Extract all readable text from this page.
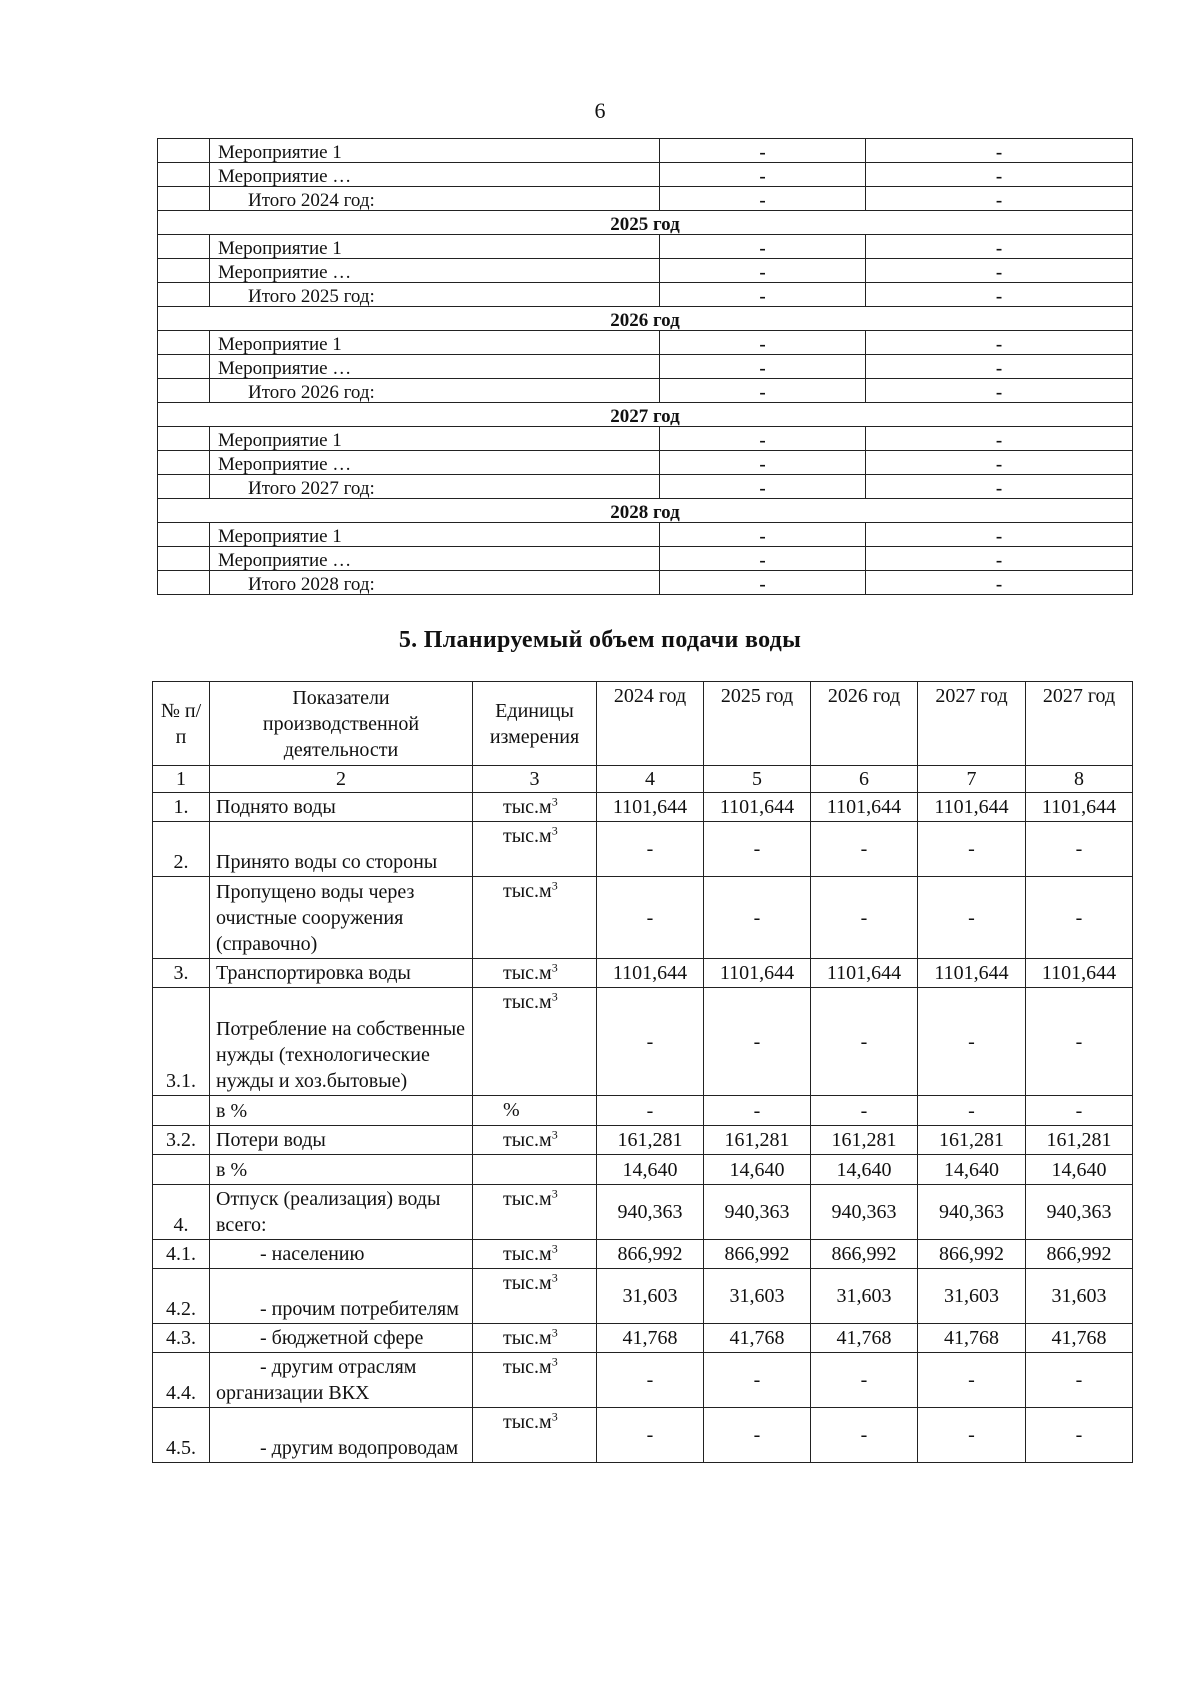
6
	Мероприятие 1	-	-
	Мероприятие …	-	-
	Итого 2024 год:	-	-
2025 год			
	Мероприятие 1	-	-
	Мероприятие …	-	-
	Итого 2025 год:	-	-
2026 год			
	Мероприятие 1	-	-
	Мероприятие …	-	-
	Итого 2026 год:	-	-
2027 год			
	Мероприятие 1	-	-
	Мероприятие …	-	-
	Итого 2027 год:	-	-
2028 год			
	Мероприятие 1	-	-
	Мероприятие …	-	-
	Итого 2028 год:	-	-
5. Планируемый объем подачи воды
№ п/п	Показатели производственной деятельности	Единицы измерения	2024 год	2025 год	2026 год	2027 год	2027 год
1	2	3	4	5	6	7	8
1.	Поднято воды	$тыс.м^3$	1101,644	1101,644	1101,644	1101,644	1101,644
2.	Принято воды со стороны	$тыс.м^3$	-	-	-	-	-
	Пропущено воды через очистные сооружения (справочно)	$тыс.м^3$	-	-	-	-	-
3.	Транспортировка воды	$тыс.м^3$	1101,644	1101,644	1101,644	1101,644	1101,644
3.1.	Потребление на собственные нужды (технологические нужды и хоз.бытовые)	$тыс.м^3$	-	-	-	-	-
	в %	%	-	-	-	-	-
3.2.	Потери воды	$тыс.м^3$	161,281	161,281	161,281	161,281	161,281
	в %		14,640	14,640	14,640	14,640	14,640
4.	Отпуск (реализация) воды всего:	$тыс.м^3$	940,363	940,363	940,363	940,363	940,363
4.1.	- населению	$тыс.м^3$	866,992	866,992	866,992	866,992	866,992
4.2.	- прочим потребителям	$тыс.м^3$	31,603	31,603	31,603	31,603	31,603
4.3.	- бюджетной сфере	$тыс.м^3$	41,768	41,768	41,768	41,768	41,768
4.4.	- другим отраслям организации ВКХ	$тыс.м^3$	-	-	-	-	-
4.5.	- другим водопроводам	$тыс.м^3$	-	-	-	-	-
